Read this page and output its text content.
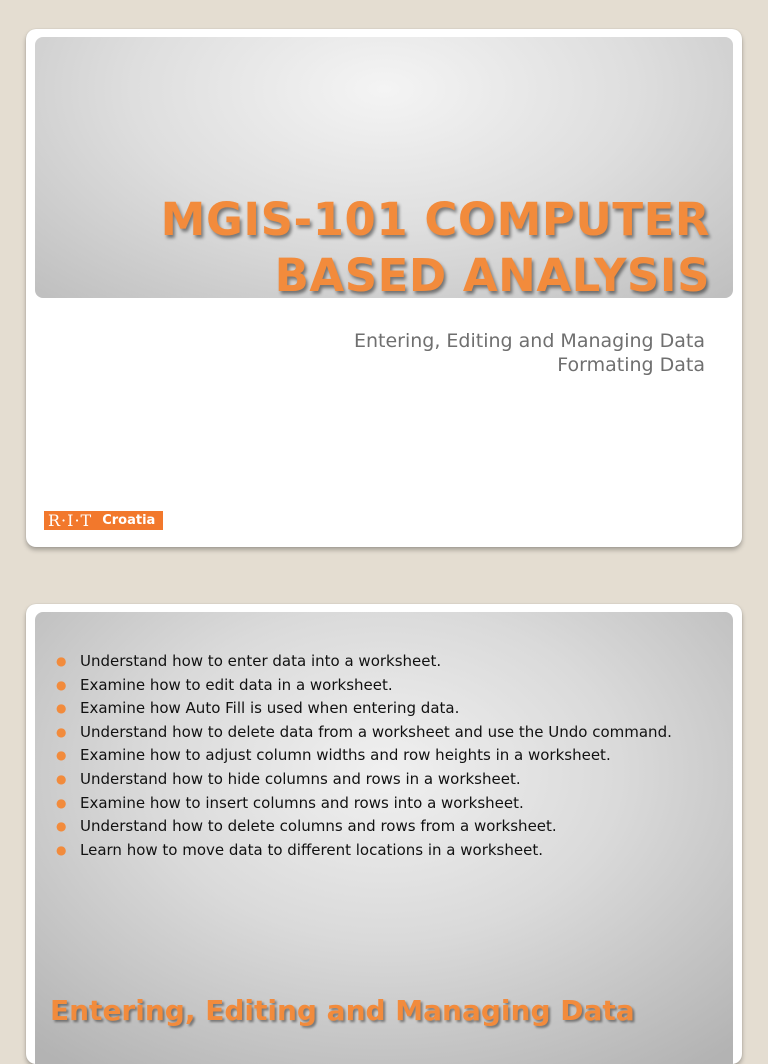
MGIS-101 COMPUTER
BASED ANALYSIS
Entering, Editing and Managing Data
Formating Data
R·I·T Croatia
● Understand how to enter data into a worksheet.
● Examine how to edit data in a worksheet.
● Examine how Auto Fill is used when entering data.
● Understand how to delete data from a worksheet and use the Undo command.
● Examine how to adjust column widths and row heights in a worksheet.
● Understand how to hide columns and rows in a worksheet.
● Examine how to insert columns and rows into a worksheet.
● Understand how to delete columns and rows from a worksheet.
● Learn how to move data to different locations in a worksheet.
Entering, Editing and Managing Data
